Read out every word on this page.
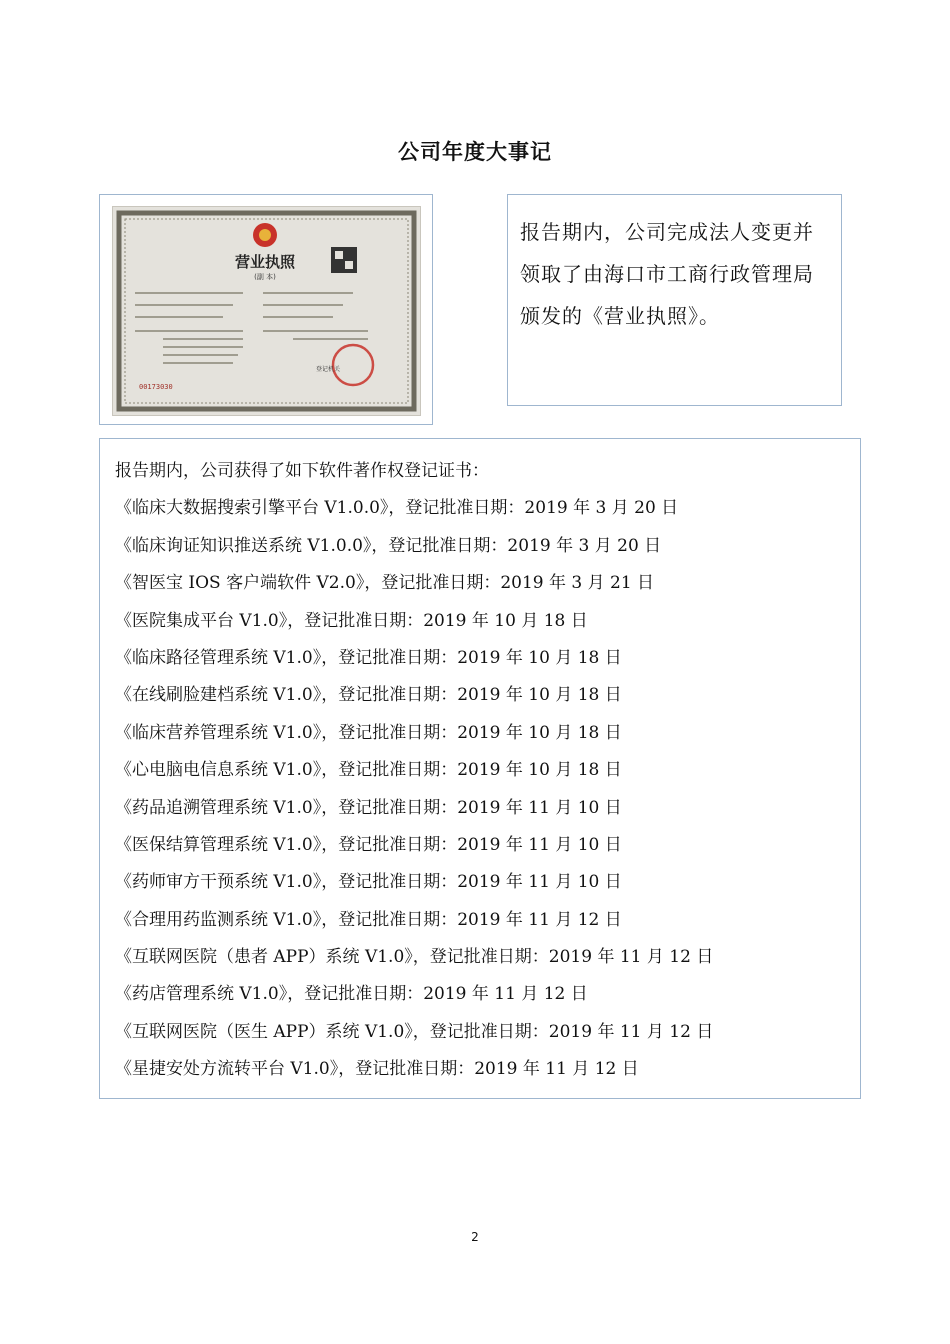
公司年度大事记
营业执照
(副 本)
登记机关
00173030
报告期内，公司完成法人变更并领取了由海口市工商行政管理局颁发的《营业执照》。
报告期内，公司获得了如下软件著作权登记证书：
《临床大数据搜索引擎平台 V1.0.0》，登记批准日期：2019 年 3 月 20 日
《临床询证知识推送系统 V1.0.0》，登记批准日期：2019 年 3 月 20 日
《智医宝 IOS 客户端软件 V2.0》，登记批准日期：2019 年 3 月 21 日
《医院集成平台 V1.0》，登记批准日期：2019 年 10 月 18 日
《临床路径管理系统 V1.0》，登记批准日期：2019 年 10 月 18 日
《在线刷脸建档系统 V1.0》，登记批准日期：2019 年 10 月 18 日
《临床营养管理系统 V1.0》，登记批准日期：2019 年 10 月 18 日
《心电脑电信息系统 V1.0》，登记批准日期：2019 年 10 月 18 日
《药品追溯管理系统 V1.0》，登记批准日期：2019 年 11 月 10 日
《医保结算管理系统 V1.0》，登记批准日期：2019 年 11 月 10 日
《药师审方干预系统 V1.0》，登记批准日期：2019 年 11 月 10 日
《合理用药监测系统 V1.0》，登记批准日期：2019 年 11 月 12 日
《互联网医院（患者 APP）系统 V1.0》，登记批准日期：2019 年 11 月 12 日
《药店管理系统 V1.0》，登记批准日期：2019 年 11 月 12 日
《互联网医院（医生 APP）系统 V1.0》，登记批准日期：2019 年 11 月 12 日
《星捷安处方流转平台 V1.0》，登记批准日期：2019 年 11 月 12 日
2
